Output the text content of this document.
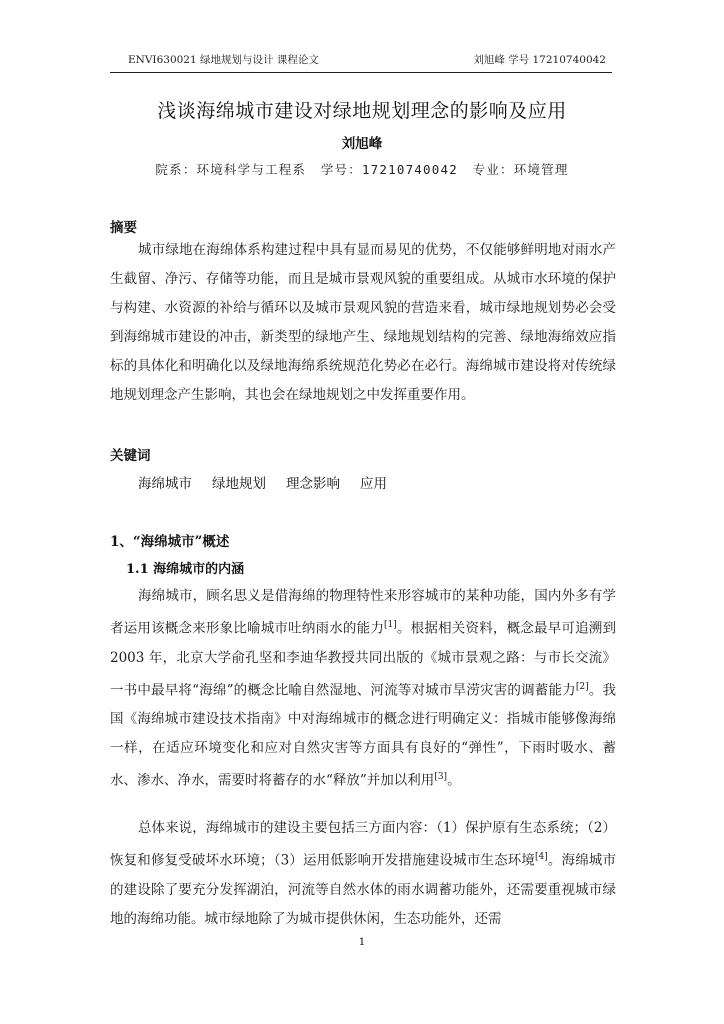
ENVI630021 绿地规划与设计 课程论文	刘旭峰 学号 17210740042
浅谈海绵城市建设对绿地规划理念的影响及应用
刘旭峰
院系：环境科学与工程系 学号：17210740042 专业：环境管理
摘要
城市绿地在海绵体系构建过程中具有显而易见的优势，不仅能够鲜明地对雨水产生截留、净污、存储等功能，而且是城市景观风貌的重要组成。从城市水环境的保护与构建、水资源的补给与循环以及城市景观风貌的营造来看，城市绿地规划势必会受到海绵城市建设的冲击，新类型的绿地产生、绿地规划结构的完善、绿地海绵效应指标的具体化和明确化以及绿地海绵系统规范化势必在必行。海绵城市建设将对传统绿地规划理念产生影响，其也会在绿地规划之中发挥重要作用。
关键词
海绵城市 绿地规划 理念影响 应用
1、“海绵城市”概述
1.1 海绵城市的内涵
海绵城市，顾名思义是借海绵的物理特性来形容城市的某种功能，国内外多有学者运用该概念来形象比喻城市吐纳雨水的能力[1]。根据相关资料，概念最早可追溯到 2003 年，北京大学俞孔坚和李迪华教授共同出版的《城市景观之路：与市长交流》一书中最早将“海绵”的概念比喻自然湿地、河流等对城市旱涝灾害的调蓄能力[2]。我国《海绵城市建设技术指南》中对海绵城市的概念进行明确定义：指城市能够像海绵一样，在适应环境变化和应对自然灾害等方面具有良好的“弹性”，下雨时吸水、蓄水、渗水、净水，需要时将蓄存的水“释放”并加以利用[3]。
总体来说，海绵城市的建设主要包括三方面内容：（1）保护原有生态系统；（2）恢复和修复受破坏水环境；（3）运用低影响开发措施建设城市生态环境[4]。海绵城市的建设除了要充分发挥湖泊，河流等自然水体的雨水调蓄功能外，还需要重视城市绿地的海绵功能。城市绿地除了为城市提供休闲，生态功能外，还需
1
